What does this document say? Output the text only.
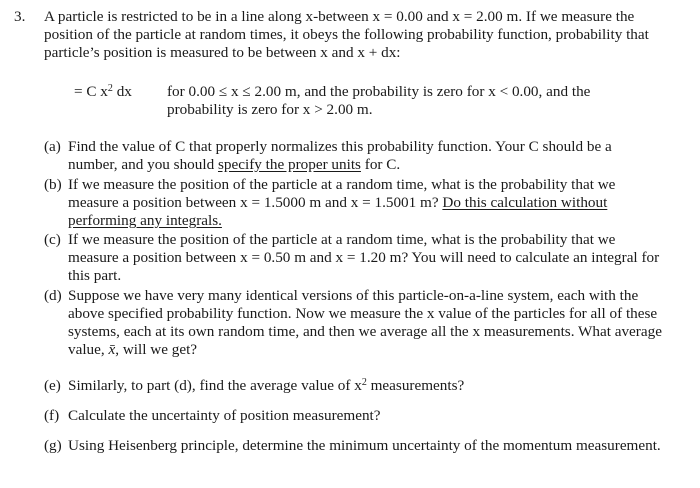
3. A particle is restricted to be in a line along x-between x = 0.00 and x = 2.00 m. If we measure the position of the particle at random times, it obeys the following probability function, probability that particle’s position is measured to be between x and x + dx:
= C $x^2$ dx for 0.00 ≤ x ≤ 2.00 m, and the probability is zero for x < 0.00, and the probability is zero for x > 2.00 m.
(a) Find the value of C that properly normalizes this probability function. Your C should be a number, and you should specify the proper units for C.
(b) If we measure the position of the particle at a random time, what is the probability that we measure a position between x = 1.5000 m and x = 1.5001 m? Do this calculation without performing any integrals.
(c) If we measure the position of the particle at a random time, what is the probability that we measure a position between x = 0.50 m and x = 1.20 m? You will need to calculate an integral for this part.
(d) Suppose we have very many identical versions of this particle-on-a-line system, each with the above specified probability function. Now we measure the x value of the particles for all of these systems, each at its own random time, and then we average all the x measurements. What average value, x̄, will we get?
(e) Similarly, to part (d), find the average value of $x^2$ measurements?
(f) Calculate the uncertainty of position measurement?
(g) Using Heisenberg principle, determine the minimum uncertainty of the momentum measurement.
